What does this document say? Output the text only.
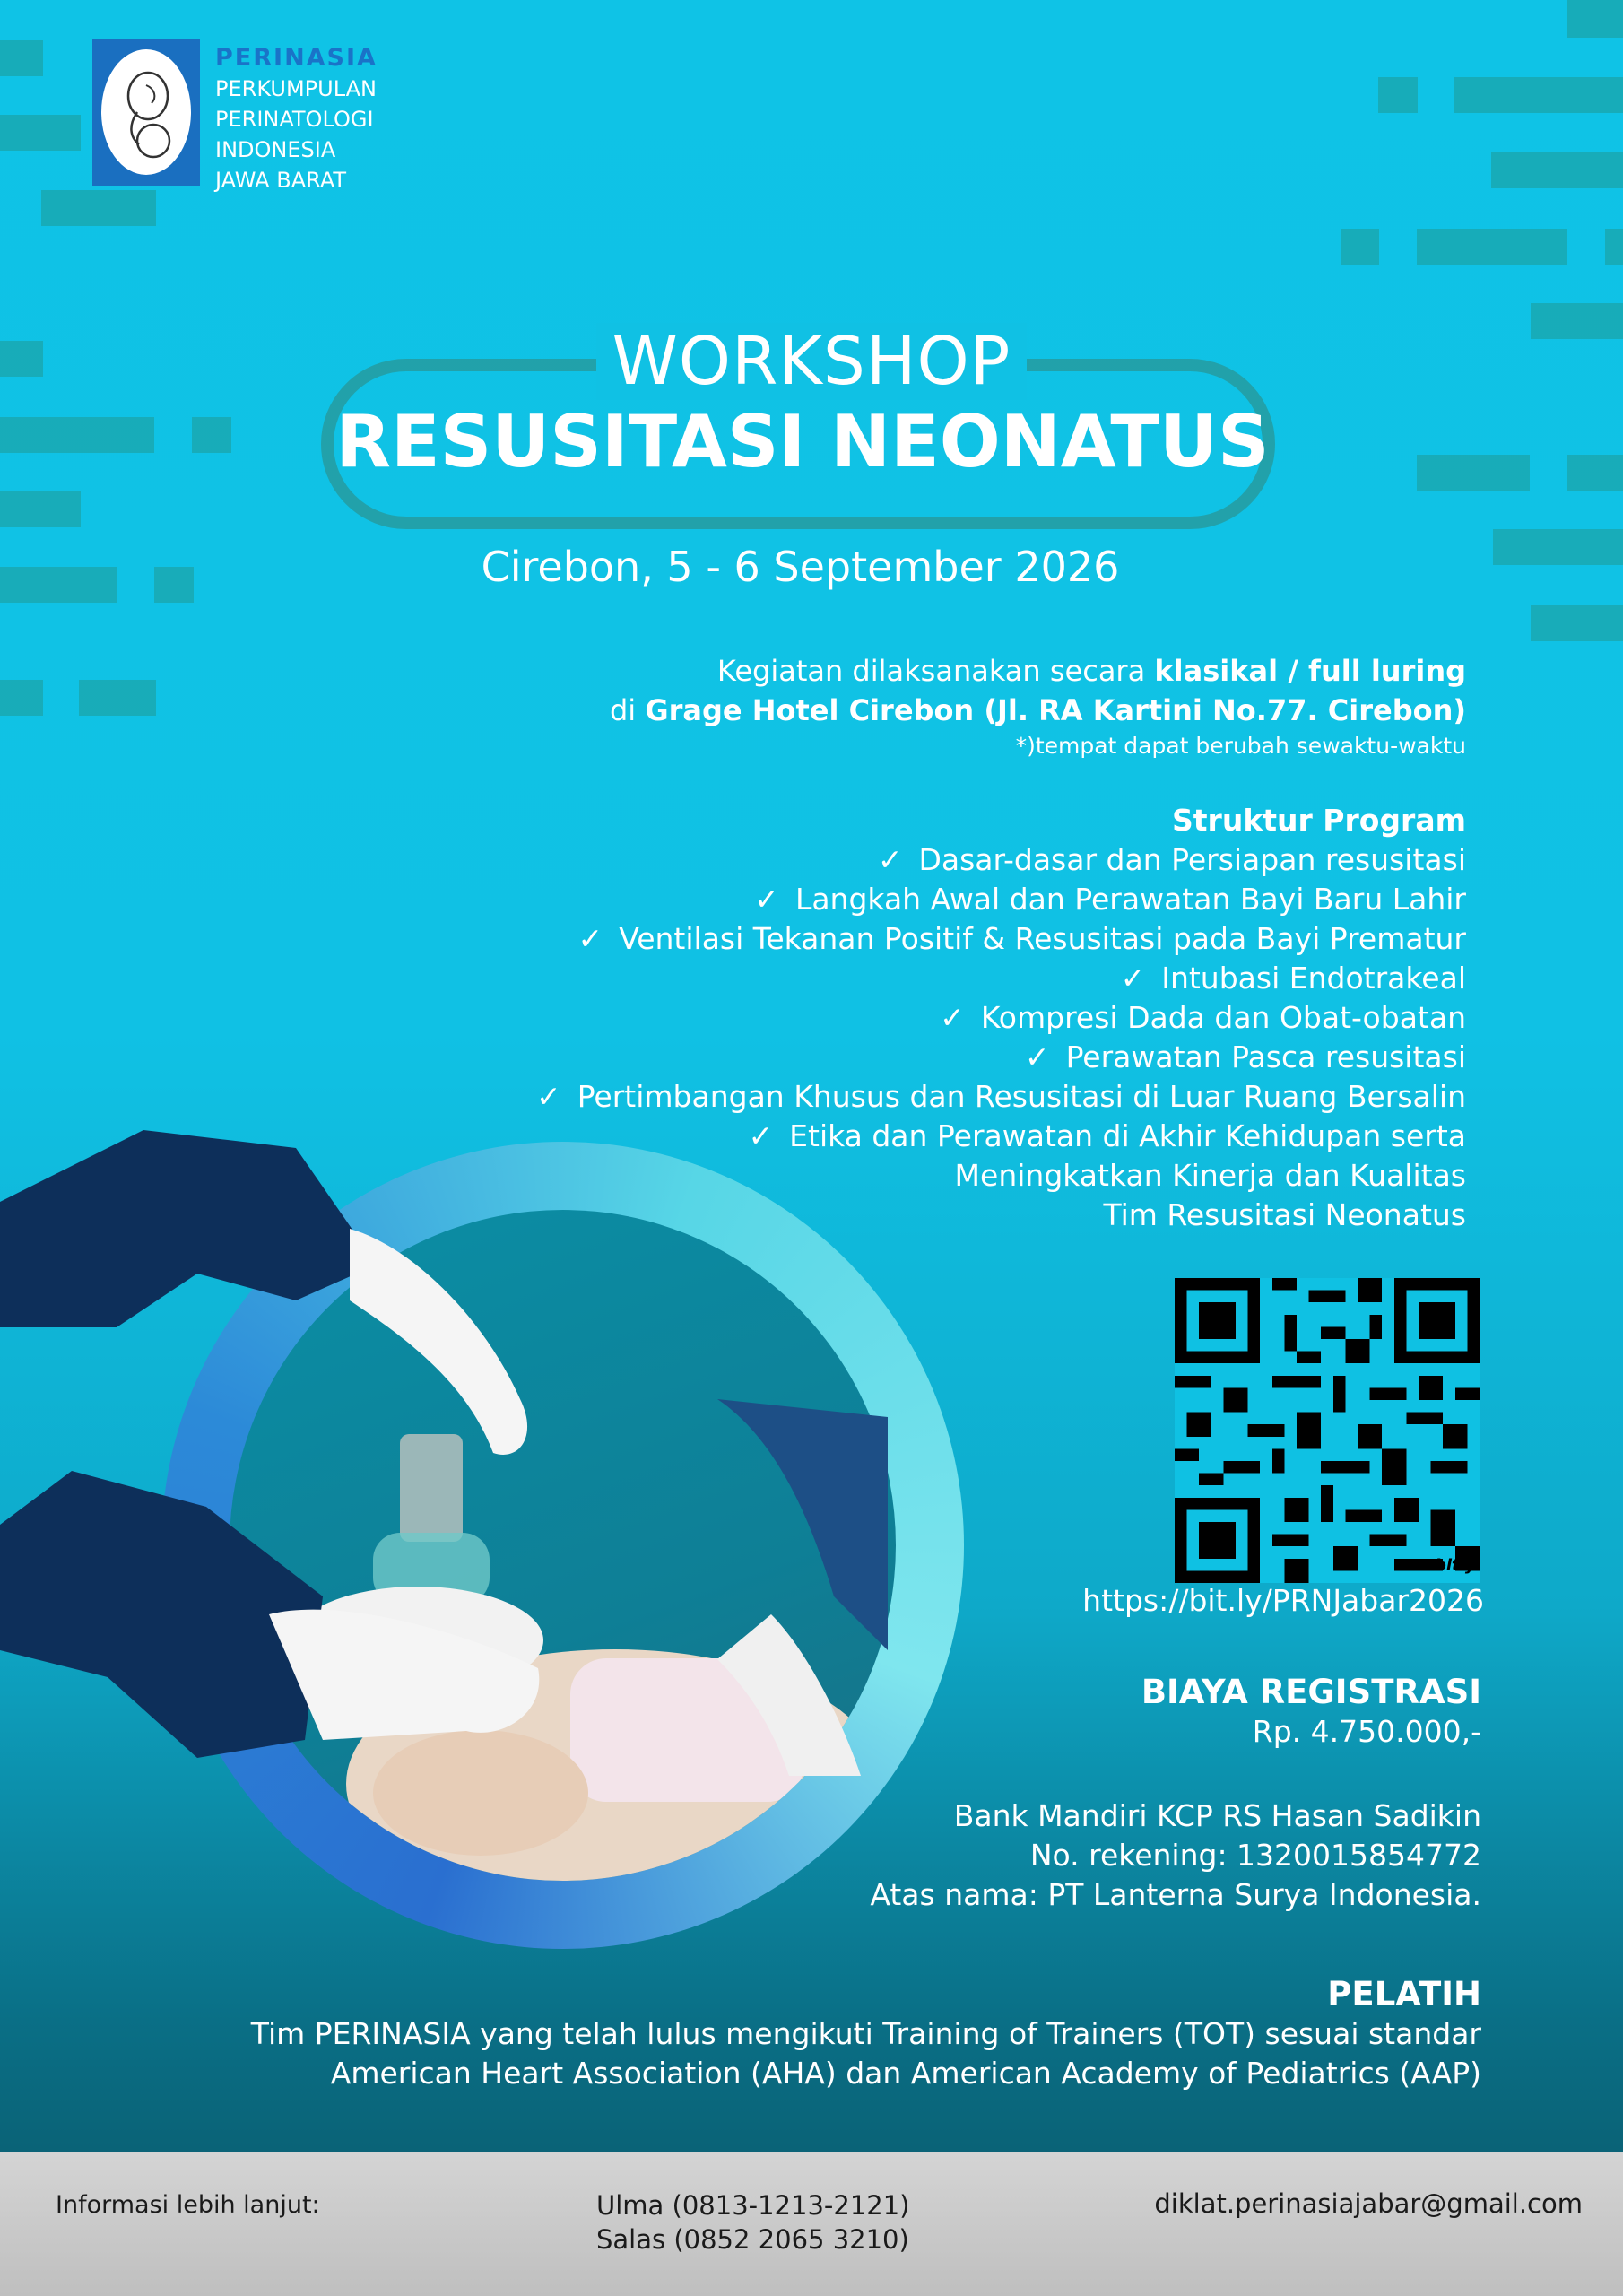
PERINASIA
PERKUMPULAN
PERINATOLOGI
INDONESIA
JAWA BARAT
WORKSHOP
RESUSITASI NEONATUS
Cirebon, 5 - 6 September 2026
Kegiatan dilaksanakan secara klasikal / full luring
di Grage Hotel Cirebon (Jl. RA Kartini No.77. Cirebon)
*)tempat dapat berubah sewaktu-waktu
Struktur Program
✓ Dasar-dasar dan Persiapan resusitasi
✓ Langkah Awal dan Perawatan Bayi Baru Lahir
✓ Ventilasi Tekanan Positif & Resusitasi pada Bayi Prematur
✓ Intubasi Endotrakeal
✓ Kompresi Dada dan Obat-obatan
✓ Perawatan Pasca resusitasi
✓ Pertimbangan Khusus dan Resusitasi di Luar Ruang Bersalin
✓ Etika dan Perawatan di Akhir Kehidupan serta
Meningkatkan Kinerja dan Kualitas
Tim Resusitasi Neonatus
bitly
https://bit.ly/PRNJabar2026
BIAYA REGISTRASI
Rp. 4.750.000,-
Bank Mandiri KCP RS Hasan Sadikin
No. rekening: 1320015854772
Atas nama: PT Lanterna Surya Indonesia.
PELATIH
Tim PERINASIA yang telah lulus mengikuti Training of Trainers (TOT) sesuai standar
American Heart Association (AHA) dan American Academy of Pediatrics (AAP)
Informasi lebih lanjut:	Ulma (0813-1213-2121)
Salas (0852 2065 3210)
diklat.perinasiajabar@gmail.com
